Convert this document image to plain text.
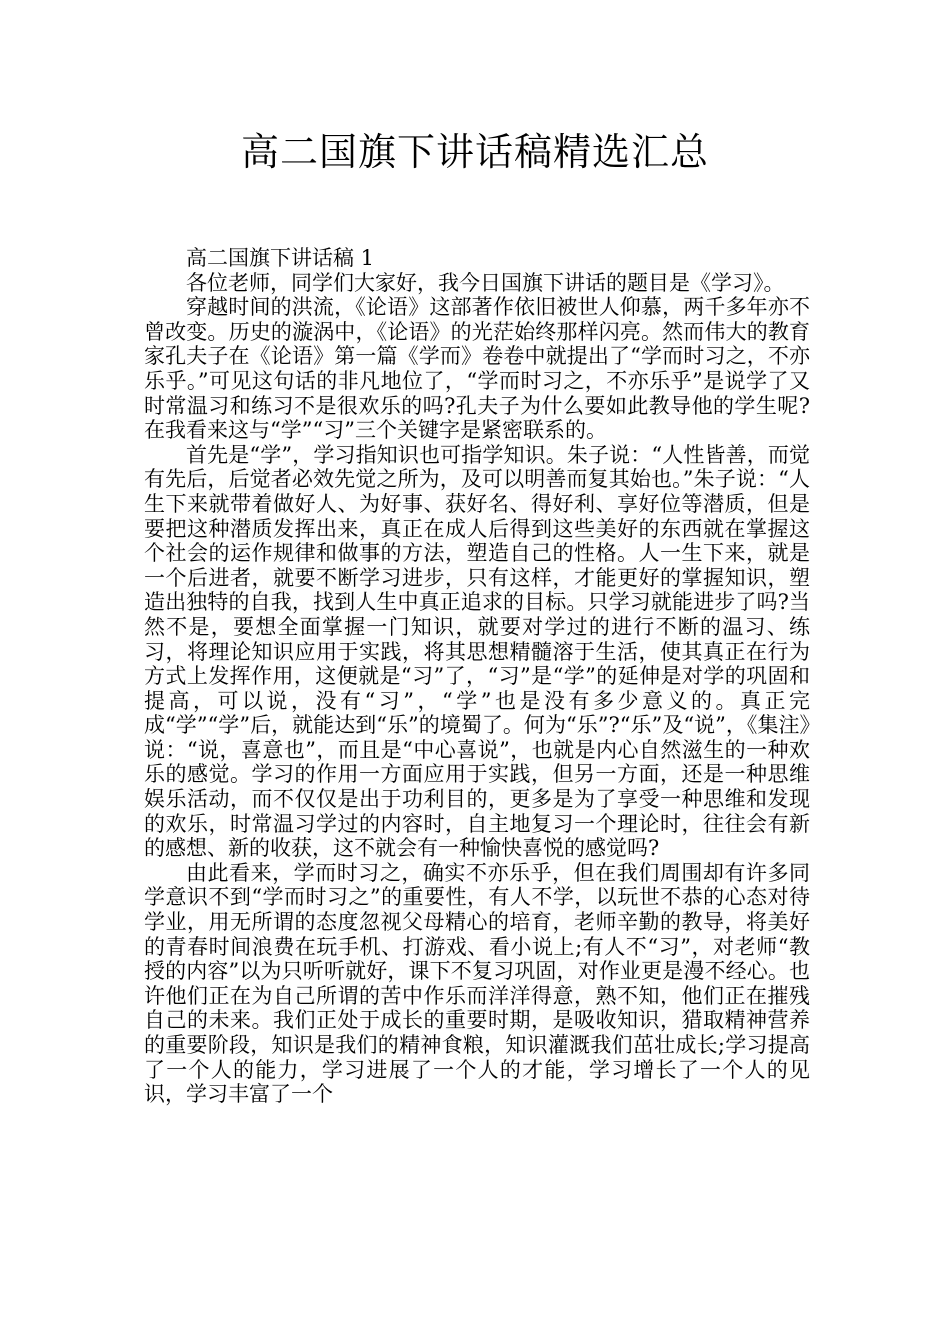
高二国旗下讲话稿精选汇总

高二国旗下讲话稿 1

各位老师，同学们大家好，我今日国旗下讲话的题目是《学习》。

穿越时间的洪流，《论语》这部著作依旧被世人仰慕，两千多年亦不曾改变。历史的漩涡中，《论语》的光茫始终那样闪亮。然而伟大的教育家孔夫子在《论语》第一篇《学而》卷卷中就提出了“学而时习之，不亦乐乎。”可见这句话的非凡地位了，“学而时习之，不亦乐乎”是说学了又时常温习和练习不是很欢乐的吗?孔夫子为什么要如此教导他的学生呢?在我看来这与“学”“习”三个关键字是紧密联系的。

首先是“学”，学习指知识也可指学知识。朱子说：“人性皆善，而觉有先后，后觉者必效先觉之所为，及可以明善而复其始也。”朱子说：“人生下来就带着做好人、为好事、获好名、得好利、享好位等潜质，但是要把这种潜质发挥出来，真正在成人后得到这些美好的东西就在掌握这个社会的运作规律和做事的方法，塑造自己的性格。人一生下来，就是一个后进者，就要不断学习进步，只有这样，才能更好的掌握知识，塑造出独特的自我，找到人生中真正追求的目标。只学习就能进步了吗?当然不是，要想全面掌握一门知识，就要对学过的进行不断的温习、练习，将理论知识应用于实践，将其思想精髓溶于生活，使其真正在行为方式上发挥作用，这便就是“习”了，“习”是“学”的延伸是对学的巩固和提高，可以说，没有“习”，“学”也是没有多少意义的。真正完成“学”“学”后，就能达到“乐”的境蜀了。何为“乐”?“乐”及“说”，《集注》说：“说，喜意也”，而且是“中心喜说”，也就是内心自然滋生的一种欢乐的感觉。学习的作用一方面应用于实践，但另一方面，还是一种思维娱乐活动，而不仅仅是出于功利目的，更多是为了享受一种思维和发现的欢乐，时常温习学过的内容时，自主地复习一个理论时，往往会有新的感想、新的收获，这不就会有一种愉快喜悦的感觉吗?

由此看来，学而时习之，确实不亦乐乎，但在我们周围却有许多同学意识不到“学而时习之”的重要性，有人不学，以玩世不恭的心态对待学业，用无所谓的态度忽视父母精心的培育，老师辛勤的教导，将美好的青春时间浪费在玩手机、打游戏、看小说上;有人不“习”，对老师“教授的内容”以为只听听就好，课下不复习巩固，对作业更是漫不经心。也许他们正在为自己所谓的苦中作乐而洋洋得意，熟不知，他们正在摧残自己的未来。我们正处于成长的重要时期，是吸收知识，猎取精神营养的重要阶段，知识是我们的精神食粮，知识灌溉我们茁壮成长;学习提高了一个人的能力，学习进展了一个人的才能，学习增长了一个人的见识，学习丰富了一个
